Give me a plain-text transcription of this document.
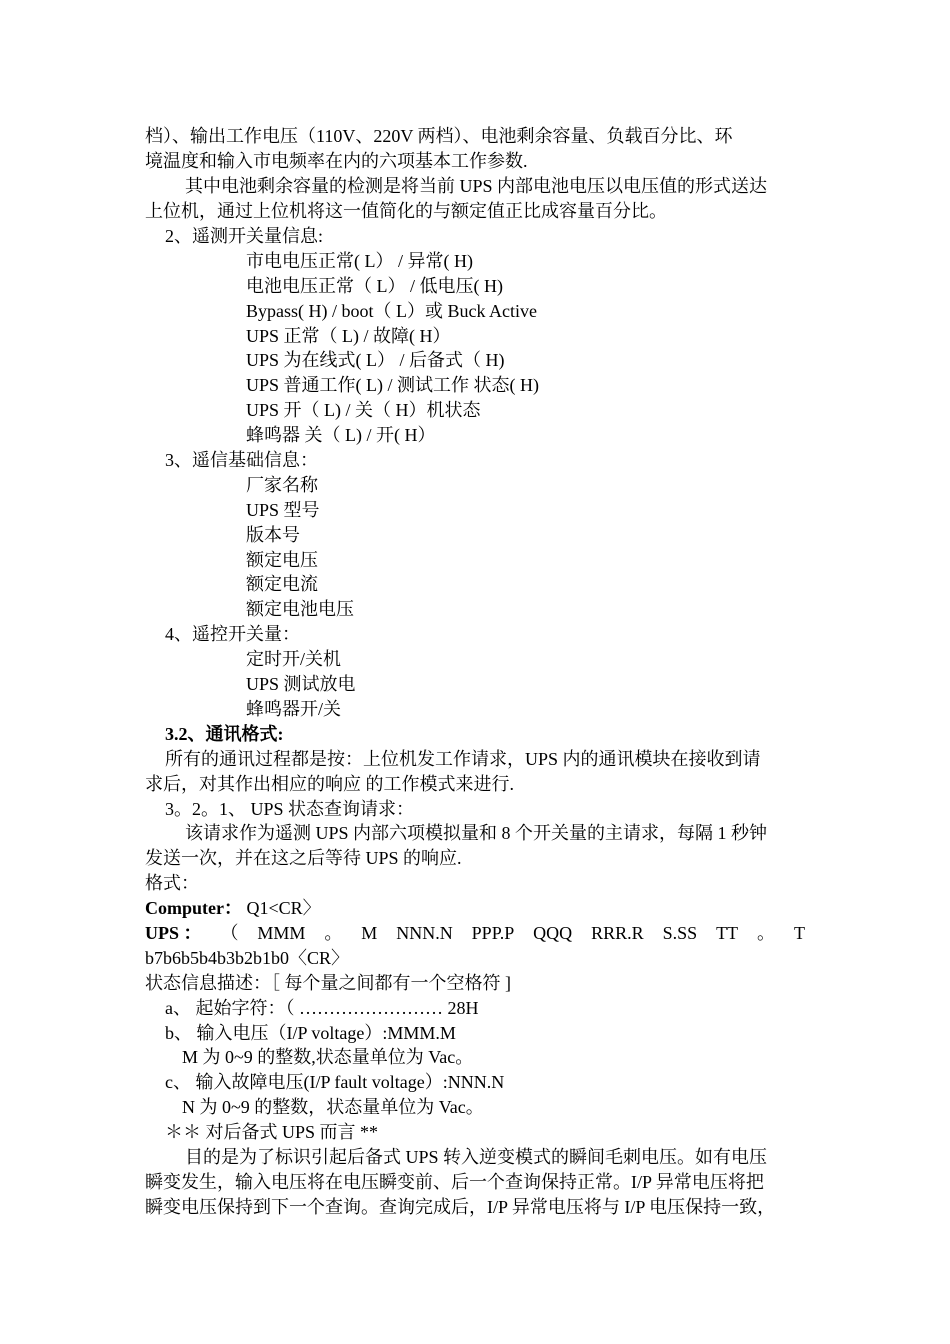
档）、输出工作电压（110V、220V 两档）、电池剩余容量、负载百分比、环
境温度和输入市电频率在内的六项基本工作参数.
其中电池剩余容量的检测是将当前 UPS 内部电池电压以电压值的形式送达
上位机，通过上位机将这一值简化的与额定值正比成容量百分比。
2、遥测开关量信息:
市电电压正常( L） / 异常( H)
电池电压正常（ L） / 低电压( H)
Bypass( H) / boot（ L）或 Buck Active
UPS 正常（ L) / 故障( H）
UPS 为在线式( L） / 后备式（ H)
UPS 普通工作( L) / 测试工作 状态( H)
UPS 开（ L) / 关（ H）机状态
蜂鸣器 关（ L) / 开( H）
3、遥信基础信息：
厂家名称
UPS 型号
版本号
额定电压
额定电流
额定电池电压
4、遥控开关量：
定时开/关机
UPS 测试放电
蜂鸣器开/关
3.2、通讯格式:
所有的通讯过程都是按：上位机发工作请求，UPS 内的通讯模块在接收到请
求后，对其作出相应的响应 的工作模式来进行.
3。2。1、 UPS 状态查询请求：
该请求作为遥测 UPS 内部六项模拟量和 8 个开关量的主请求，每隔 1 秒钟
发送一次，并在这之后等待 UPS 的响应.
格式：
Computer： Q1<CR〉
UPS ： （ MMM 。 M NNN.N PPP.P QQQ RRR.R S.SS TT 。 T
b7b6b5b4b3b2b1b0〈CR〉
状态信息描述：［ 每个量之间都有一个空格符 ]
a、 起始字符：（ …………………… 28H
b、 输入电压（I/P voltage）:MMM.M
M 为 0~9 的整数,状态量单位为 Vac。
c、 输入故障电压(I/P fault voltage）:NNN.N
N 为 0~9 的整数，状态量单位为 Vac。
＊＊ 对后备式 UPS 而言 **
目的是为了标识引起后备式 UPS 转入逆变模式的瞬间毛刺电压。如有电压
瞬变发生，输入电压将在电压瞬变前、后一个查询保持正常。I/P 异常电压将把
瞬变电压保持到下一个查询。查询完成后，I/P 异常电压将与 I/P 电压保持一致，
